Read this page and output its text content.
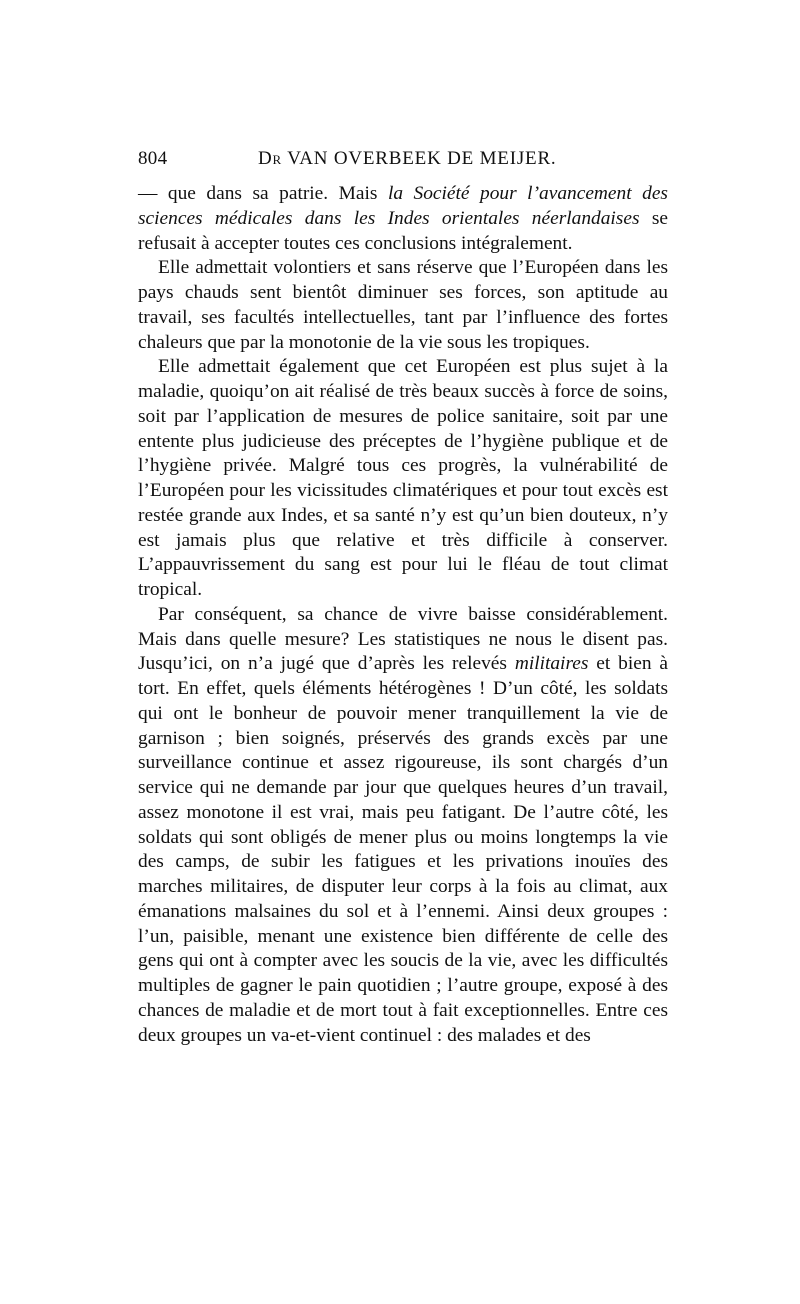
804	Dr VAN OVERBEEK DE MEIJER.

— que dans sa patrie. Mais la Société pour l’avancement des sciences médicales dans les Indes orientales néerlandaises se refusait à accepter toutes ces conclusions intégralement.

Elle admettait volontiers et sans réserve que l’Européen dans les pays chauds sent bientôt diminuer ses forces, son aptitude au travail, ses facultés intellectuelles, tant par l’influence des fortes chaleurs que par la monotonie de la vie sous les tropiques.

Elle admettait également que cet Européen est plus sujet à la maladie, quoiqu’on ait réalisé de très beaux succès à force de soins, soit par l’application de mesures de police sanitaire, soit par une entente plus judicieuse des préceptes de l’hygiène publique et de l’hygiène privée. Malgré tous ces progrès, la vulnérabilité de l’Européen pour les vicissitudes climatériques et pour tout excès est restée grande aux Indes, et sa santé n’y est qu’un bien douteux, n’y est jamais plus que relative et très difficile à conserver. L’appauvrissement du sang est pour lui le fléau de tout climat tropical.

Par conséquent, sa chance de vivre baisse considérablement. Mais dans quelle mesure? Les statistiques ne nous le disent pas. Jusqu’ici, on n’a jugé que d’après les relevés militaires et bien à tort. En effet, quels éléments hétérogènes ! D’un côté, les soldats qui ont le bonheur de pouvoir mener tranquillement la vie de garnison ; bien soignés, préservés des grands excès par une surveillance continue et assez rigoureuse, ils sont chargés d’un service qui ne demande par jour que quelques heures d’un travail, assez monotone il est vrai, mais peu fatigant. De l’autre côté, les soldats qui sont obligés de mener plus ou moins longtemps la vie des camps, de subir les fatigues et les privations inouïes des marches militaires, de disputer leur corps à la fois au climat, aux émanations malsaines du sol et à l’ennemi. Ainsi deux groupes : l’un, paisible, menant une existence bien différente de celle des gens qui ont à compter avec les soucis de la vie, avec les difficultés multiples de gagner le pain quotidien ; l’autre groupe, exposé à des chances de maladie et de mort tout à fait exceptionnelles. Entre ces deux groupes un va-et-vient continuel : des malades et des
